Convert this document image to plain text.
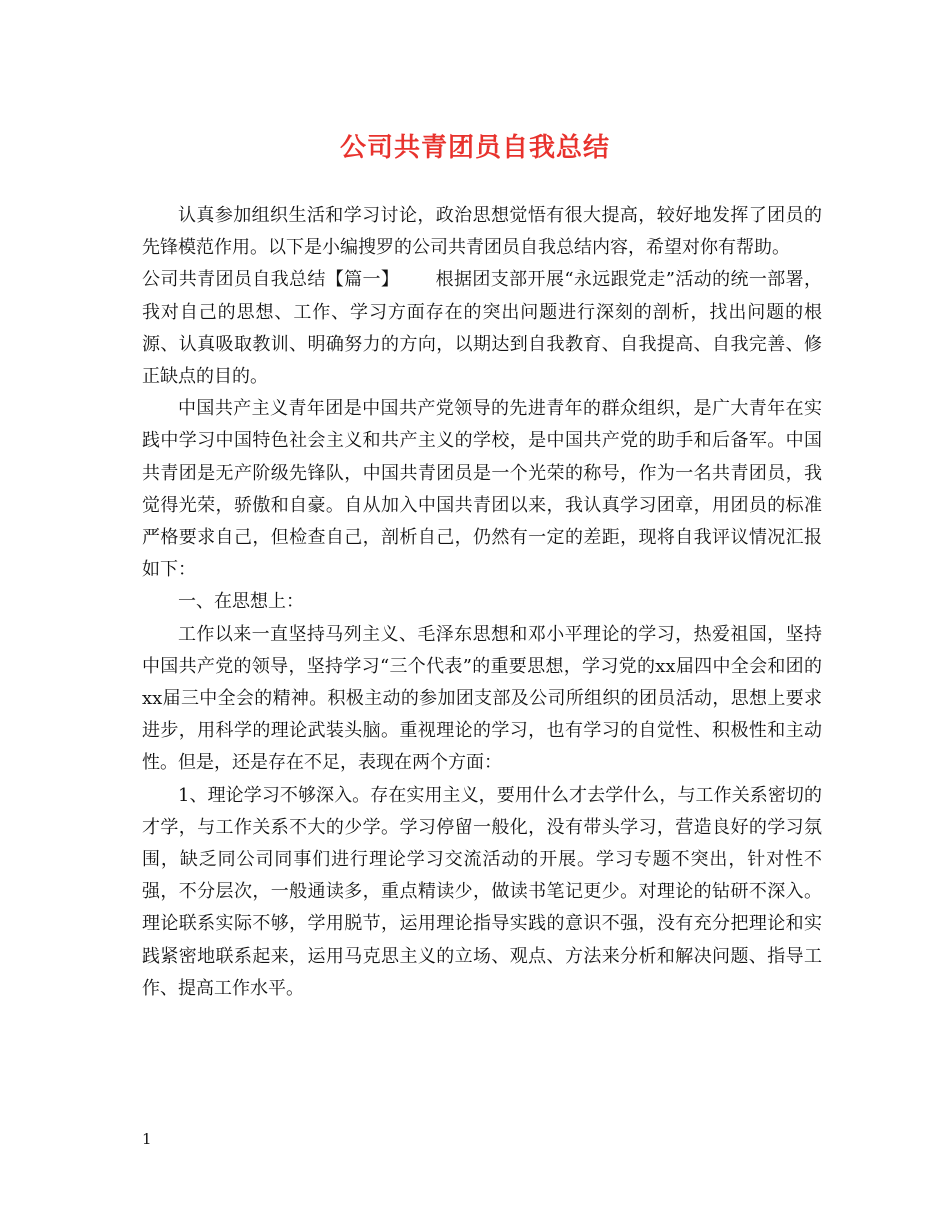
公司共青团员自我总结

认真参加组织生活和学习讨论，政治思想觉悟有很大提高，较好地发挥了团员的先锋模范作用。以下是小编搜罗的公司共青团员自我总结内容，希望对你有帮助。

公司共青团员自我总结【篇一】 根据团支部开展“永远跟党走”活动的统一部署，我对自己的思想、工作、学习方面存在的突出问题进行深刻的剖析，找出问题的根源、认真吸取教训、明确努力的方向，以期达到自我教育、自我提高、自我完善、修正缺点的目的。

中国共产主义青年团是中国共产党领导的先进青年的群众组织，是广大青年在实践中学习中国特色社会主义和共产主义的学校，是中国共产党的助手和后备军。中国共青团是无产阶级先锋队，中国共青团员是一个光荣的称号，作为一名共青团员，我觉得光荣，骄傲和自豪。自从加入中国共青团以来，我认真学习团章，用团员的标准严格要求自己，但检查自己，剖析自己，仍然有一定的差距，现将自我评议情况汇报如下：

一、在思想上：

工作以来一直坚持马列主义、毛泽东思想和邓小平理论的学习，热爱祖国，坚持中国共产党的领导，坚持学习“三个代表”的重要思想，学习党的xx届四中全会和团的xx届三中全会的精神。积极主动的参加团支部及公司所组织的团员活动，思想上要求进步，用科学的理论武装头脑。重视理论的学习，也有学习的自觉性、积极性和主动性。但是，还是存在不足，表现在两个方面：

1、理论学习不够深入。存在实用主义，要用什么才去学什么，与工作关系密切的才学，与工作关系不大的少学。学习停留一般化，没有带头学习，营造良好的学习氛围，缺乏同公司同事们进行理论学习交流活动的开展。学习专题不突出，针对性不强，不分层次，一般通读多，重点精读少，做读书笔记更少。对理论的钻研不深入。理论联系实际不够，学用脱节，运用理论指导实践的意识不强，没有充分把理论和实践紧密地联系起来，运用马克思主义的立场、观点、方法来分析和解决问题、指导工作、提高工作水平。

1
